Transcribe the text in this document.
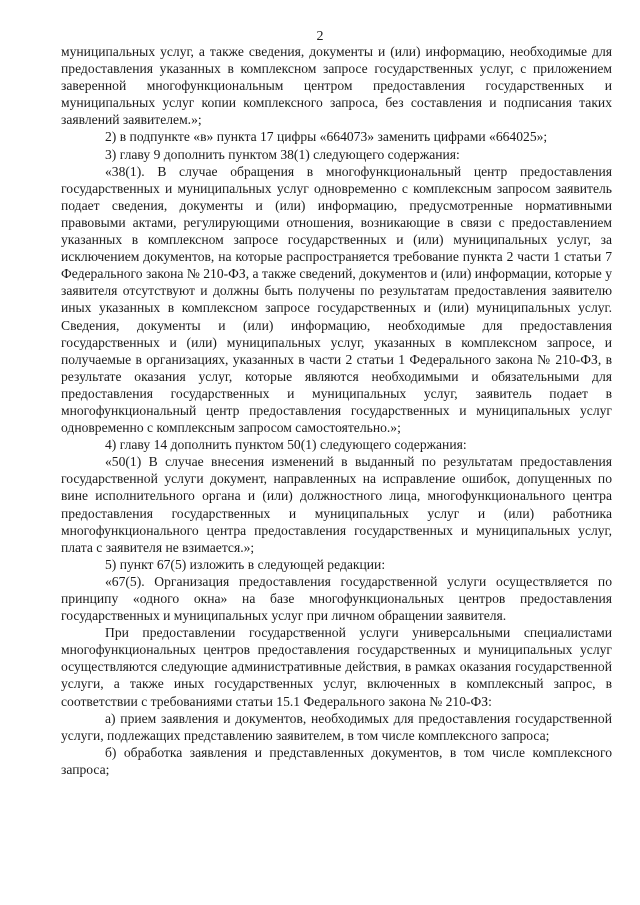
2

муниципальных услуг, а также сведения, документы и (или) информацию, необходимые для предоставления указанных в комплексном запросе государственных услуг, с приложением заверенной многофункциональным центром предоставления государственных и муниципальных услуг копии комплексного запроса, без составления и подписания таких заявлений заявителем.»;

2) в подпункте «в» пункта 17 цифры «664073» заменить цифрами «664025»;

3) главу 9 дополнить пунктом 38(1) следующего содержания:

«38(1). В случае обращения в многофункциональный центр предоставления государственных и муниципальных услуг одновременно с комплексным запросом заявитель подает сведения, документы и (или) информацию, предусмотренные нормативными правовыми актами, регулирующими отношения, возникающие в связи с предоставлением указанных в комплексном запросе государственных и (или) муниципальных услуг, за исключением документов, на которые распространяется требование пункта 2 части 1 статьи 7 Федерального закона № 210-ФЗ, а также сведений, документов и (или) информации, которые у заявителя отсутствуют и должны быть получены по результатам предоставления заявителю иных указанных в комплексном запросе государственных и (или) муниципальных услуг. Сведения, документы и (или) информацию, необходимые для предоставления государственных и (или) муниципальных услуг, указанных в комплексном запросе, и получаемые в организациях, указанных в части 2 статьи 1 Федерального закона № 210-ФЗ, в результате оказания услуг, которые являются необходимыми и обязательными для предоставления государственных и муниципальных услуг, заявитель подает в многофункциональный центр предоставления государственных и муниципальных услуг одновременно с комплексным запросом самостоятельно.»;

4) главу 14 дополнить пунктом 50(1) следующего содержания:

«50(1) В случае внесения изменений в выданный по результатам предоставления государственной услуги документ, направленных на исправление ошибок, допущенных по вине исполнительного органа и (или) должностного лица, многофункционального центра предоставления государственных и муниципальных услуг и (или) работника многофункционального центра предоставления государственных и муниципальных услуг, плата с заявителя не взимается.»;

5) пункт 67(5) изложить в следующей редакции:

«67(5). Организация предоставления государственной услуги осуществляется по принципу «одного окна» на базе многофункциональных центров предоставления государственных и муниципальных услуг при личном обращении заявителя.

При предоставлении государственной услуги универсальными специалистами многофункциональных центров предоставления государственных и муниципальных услуг осуществляются следующие административные действия, в рамках оказания государственной услуги, а также иных государственных услуг, включенных в комплексный запрос, в соответствии с требованиями статьи 15.1 Федерального закона № 210-ФЗ:

а) прием заявления и документов, необходимых для предоставления государственной услуги, подлежащих представлению заявителем, в том числе комплексного запроса;

б) обработка заявления и представленных документов, в том числе комплексного запроса;
